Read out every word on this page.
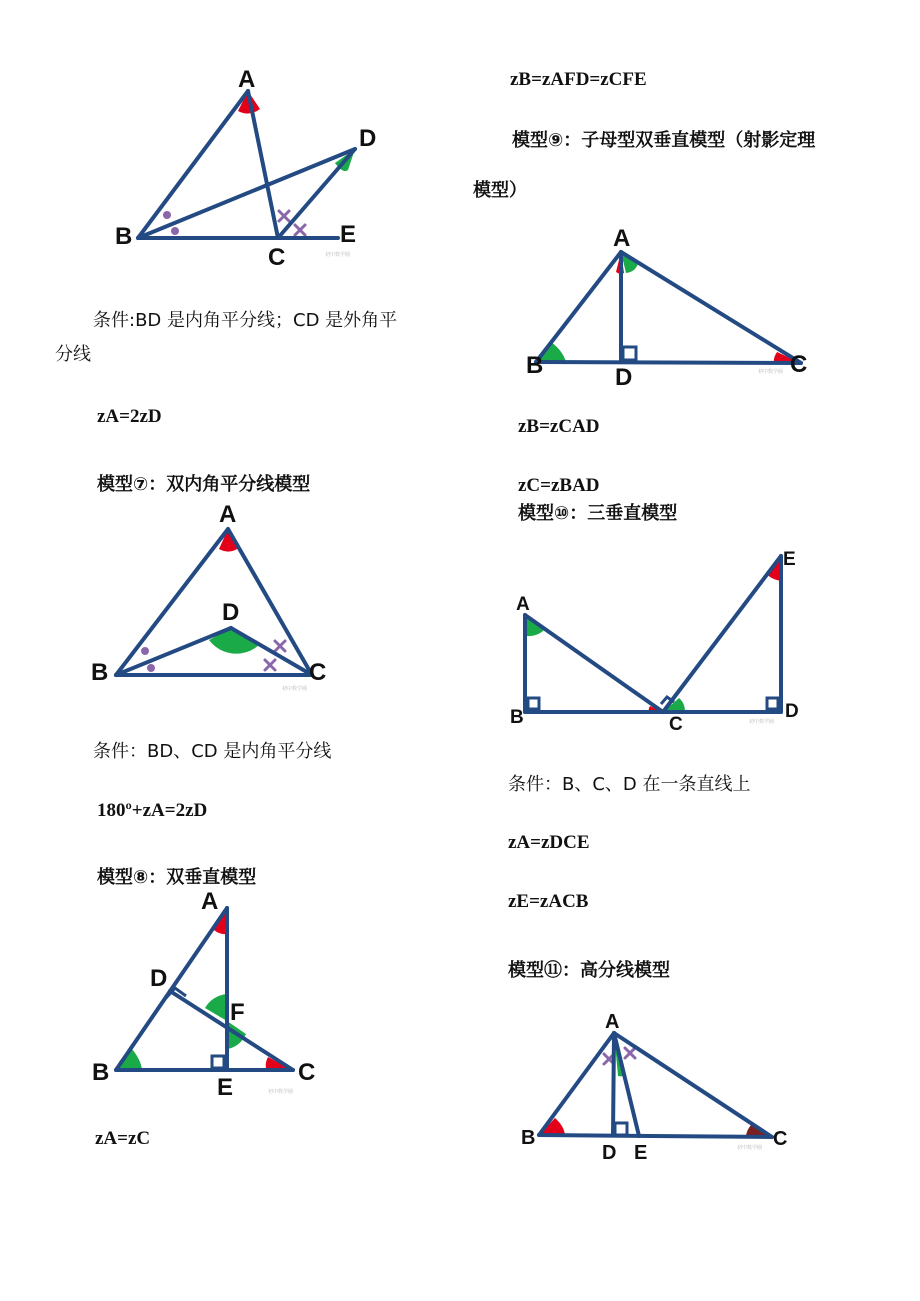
A
B
C
D
E
初中数学圈
条件:BD 是内角平分线；CD 是外角平
分线
zA=2zD
模型⑦：双内角平分线模型
A
B	C
D
初中数学圈
条件：BD、CD 是内角平分线
180º+zA=2zD
模型⑧：双垂直模型
A
B	C
D
E
F
初中数学圈
zA=zC
zB=zAFD=zCFE
模型⑨：子母型双垂直模型（射影定理
模型）
A
B	C
D	初中数学圈
zB=zCAD
zC=zBAD
模型⑩：三垂直模型
A
B	C
D
E
初中数学圈
条件：B、C、D 在一条直线上
zA=zDCE
zE=zACB
模型⑪：高分线模型
A
B	C
D E	初中数学圈
